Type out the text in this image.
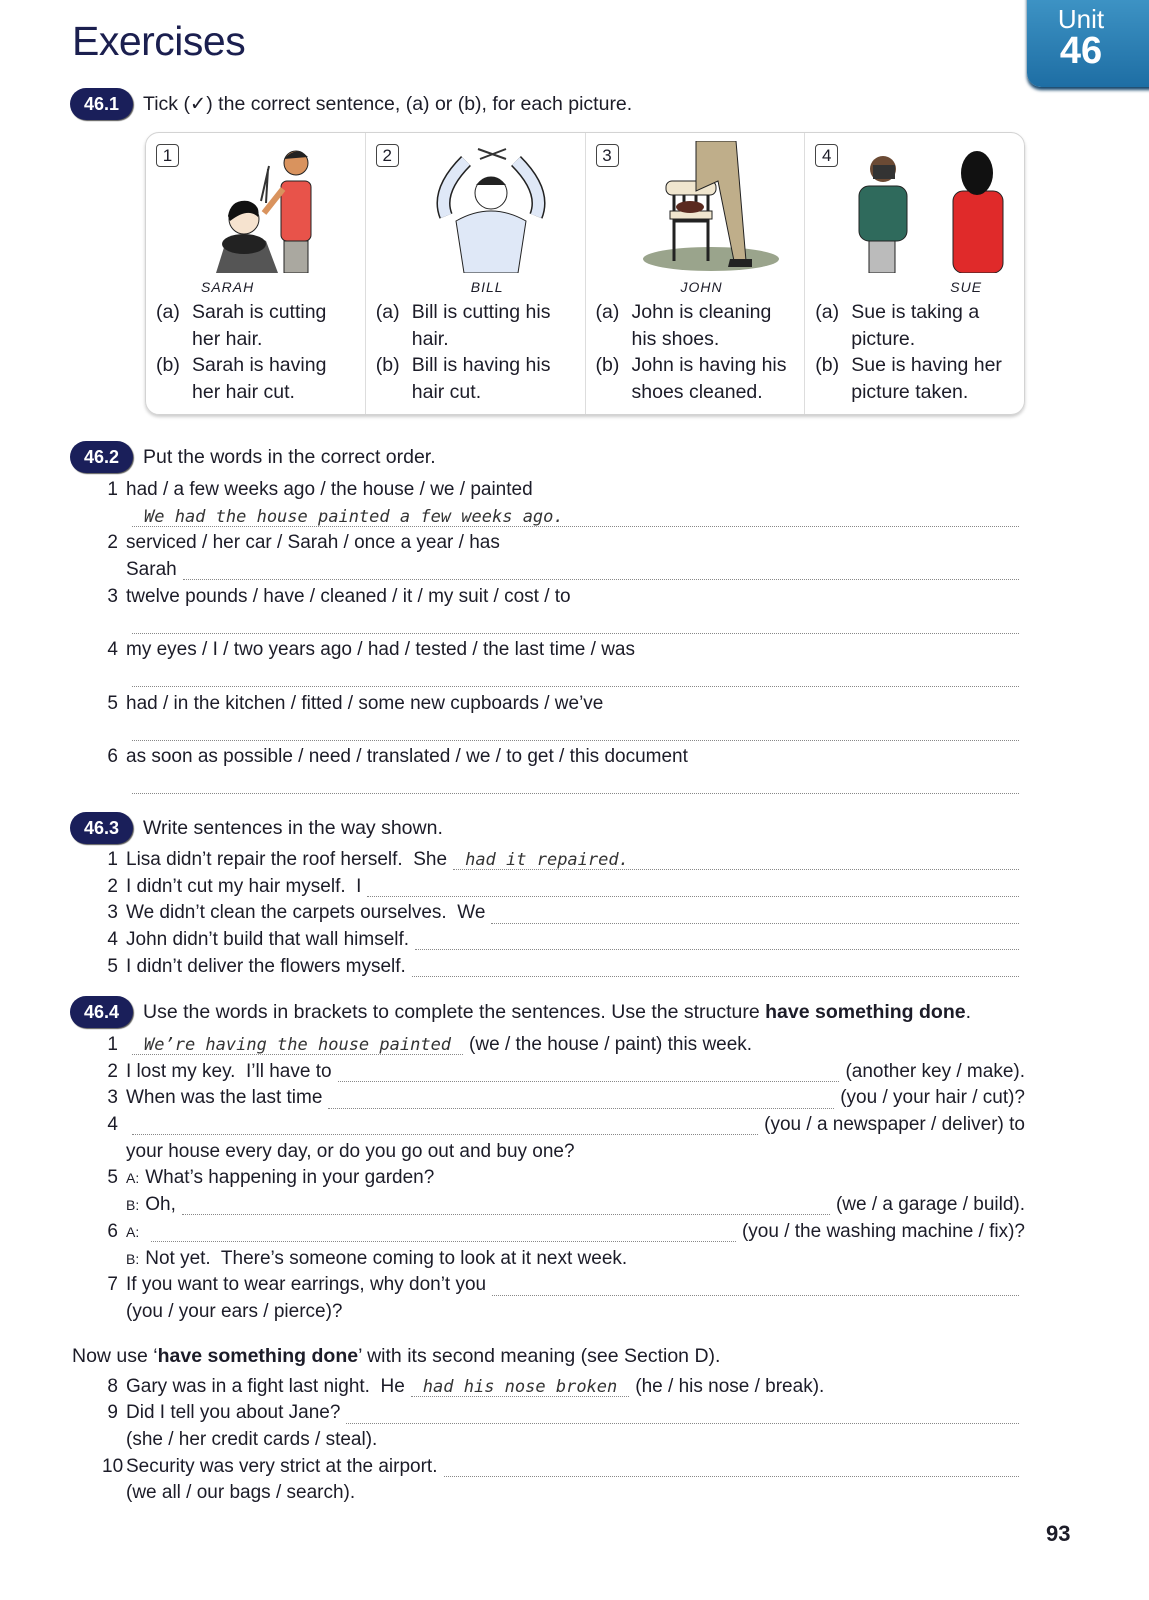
Exercises	Unit
46
46.1	Tick (✓) the correct sentence, (a) or (b), for each picture.
1
SARAH
(a) Sarah is cutting
her hair.
(b) Sarah is having
her hair cut.
2
BILL
(a) Bill is cutting his
hair.
(b) Bill is having his
hair cut.
3
JOHN
(a) John is cleaning
his shoes.
(b) John is having his
shoes cleaned.
4
SUE
(a) Sue is taking a
picture.
(b) Sue is having her
picture taken.
46.2	Put the words in the correct order.
1 had / a few weeks ago / the house / we / painted
We had the house painted a few weeks ago.
2 serviced / her car / Sarah / once a year / has
Sarah
3 twelve pounds / have / cleaned / it / my suit / cost / to
4 my eyes / I / two years ago / had / tested / the last time / was
5 had / in the kitchen / fitted / some new cupboards / we’ve
6 as soon as possible / need / translated / we / to get / this document
46.3	Write sentences in the way shown.
1 Lisa didn’t repair the roof herself.  She	had it repaired.
2 I didn’t cut my hair myself.  I
3 We didn’t clean the carpets ourselves.  We
4 John didn’t build that wall himself.
5 I didn’t deliver the flowers myself.
46.4	Use the words in brackets to complete the sentences. Use the structure have something done.
1	We’re having the house painted (we / the house / paint) this week.
2 I lost my key.  I’ll have to	(another key / make).
3 When was the last time	(you / your hair / cut)?
4	(you / a newspaper / deliver) to
your house every day, or do you go out and buy one?
5 A: What’s happening in your garden?
B: Oh,	(we / a garage / build).
6 A:	(you / the washing machine / fix)?
B: Not yet.  There’s someone coming to look at it next week.
7 If you want to wear earrings, why don’t you
(you / your ears / pierce)?
Now use ‘have something done’ with its second meaning (see Section D).
8 Gary was in a fight last night.  He	had his nose broken (he / his nose / break).
9 Did I tell you about Jane?
(she / her credit cards / steal).
10 Security was very strict at the airport.
(we all / our bags / search).
93
